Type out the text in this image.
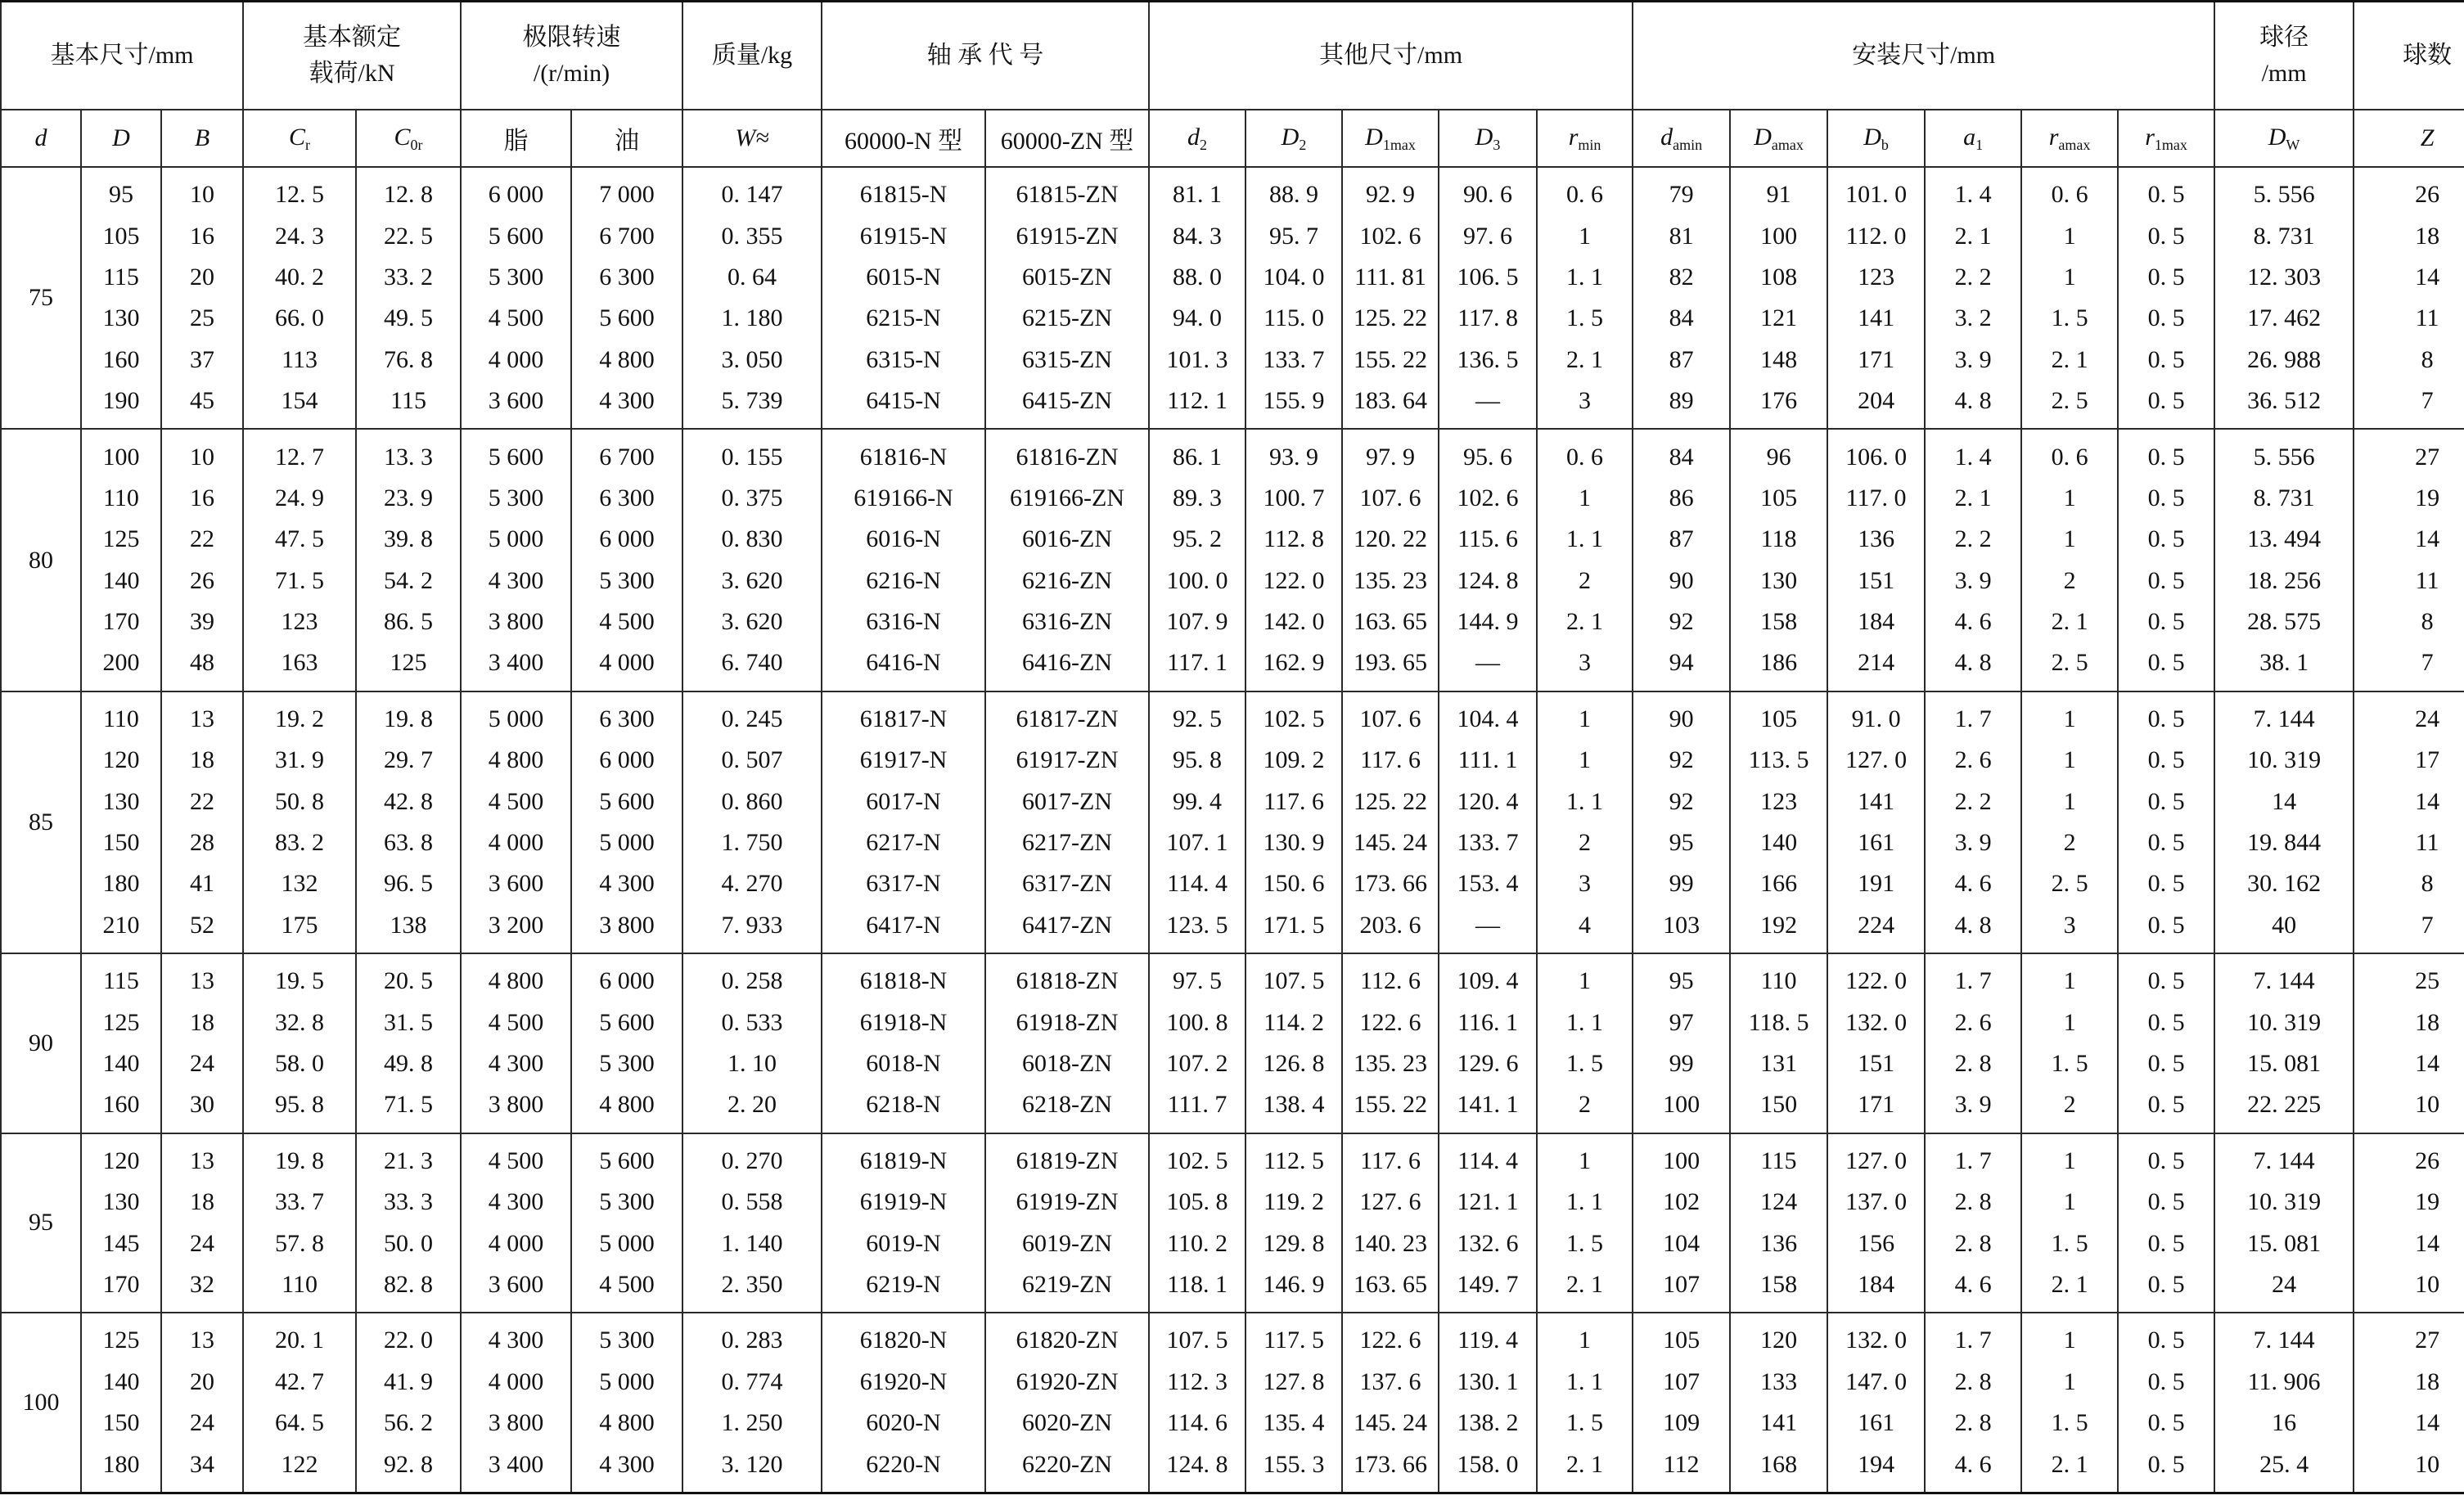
基本尺寸/mm			基本额定
载荷/kN		极限转速
/(r/min)		质量/kg	轴 承 代 号		其他尺寸/mm					安装尺寸/mm						球径
/mm	球数
d	D	B	$C_r$	$C_{0r}$	脂	油	W≈	60000-N 型	60000-ZN 型	$d_2$	$D_2$	$D_{1max}$	$D_3$	$r_{min}$	$d_{amin}$	$D_{amax}$	$D_b$	$a_1$	$r_{amax}$	$r_{1max}$	$D_W$	Z
75	95	10	12. 5	12. 8	6 000	7 000	0. 147	61815-N	61815-ZN	81. 1	88. 9	92. 9	90. 6	0. 6	79	91	101. 0	1. 4	0. 6	0. 5	5. 556	26
	105	16	24. 3	22. 5	5 600	6 700	0. 355	61915-N	61915-ZN	84. 3	95. 7	102. 6	97. 6	1	81	100	112. 0	2. 1	1	0. 5	8. 731	18
	115	20	40. 2	33. 2	5 300	6 300	0. 64	6015-N	6015-ZN	88. 0	104. 0	111. 81	106. 5	1. 1	82	108	123	2. 2	1	0. 5	12. 303	14
	130	25	66. 0	49. 5	4 500	5 600	1. 180	6215-N	6215-ZN	94. 0	115. 0	125. 22	117. 8	1. 5	84	121	141	3. 2	1. 5	0. 5	17. 462	11
	160	37	113	76. 8	4 000	4 800	3. 050	6315-N	6315-ZN	101. 3	133. 7	155. 22	136. 5	2. 1	87	148	171	3. 9	2. 1	0. 5	26. 988	8
	190	45	154	115	3 600	4 300	5. 739	6415-N	6415-ZN	112. 1	155. 9	183. 64	—	3	89	176	204	4. 8	2. 5	0. 5	36. 512	7
80	100	10	12. 7	13. 3	5 600	6 700	0. 155	61816-N	61816-ZN	86. 1	93. 9	97. 9	95. 6	0. 6	84	96	106. 0	1. 4	0. 6	0. 5	5. 556	27
	110	16	24. 9	23. 9	5 300	6 300	0. 375	619166-N	619166-ZN	89. 3	100. 7	107. 6	102. 6	1	86	105	117. 0	2. 1	1	0. 5	8. 731	19
	125	22	47. 5	39. 8	5 000	6 000	0. 830	6016-N	6016-ZN	95. 2	112. 8	120. 22	115. 6	1. 1	87	118	136	2. 2	1	0. 5	13. 494	14
	140	26	71. 5	54. 2	4 300	5 300	3. 620	6216-N	6216-ZN	100. 0	122. 0	135. 23	124. 8	2	90	130	151	3. 9	2	0. 5	18. 256	11
	170	39	123	86. 5	3 800	4 500	3. 620	6316-N	6316-ZN	107. 9	142. 0	163. 65	144. 9	2. 1	92	158	184	4. 6	2. 1	0. 5	28. 575	8
	200	48	163	125	3 400	4 000	6. 740	6416-N	6416-ZN	117. 1	162. 9	193. 65	—	3	94	186	214	4. 8	2. 5	0. 5	38. 1	7
85	110	13	19. 2	19. 8	5 000	6 300	0. 245	61817-N	61817-ZN	92. 5	102. 5	107. 6	104. 4	1	90	105	91. 0	1. 7	1	0. 5	7. 144	24
	120	18	31. 9	29. 7	4 800	6 000	0. 507	61917-N	61917-ZN	95. 8	109. 2	117. 6	111. 1	1	92	113. 5	127. 0	2. 6	1	0. 5	10. 319	17
	130	22	50. 8	42. 8	4 500	5 600	0. 860	6017-N	6017-ZN	99. 4	117. 6	125. 22	120. 4	1. 1	92	123	141	2. 2	1	0. 5	14	14
	150	28	83. 2	63. 8	4 000	5 000	1. 750	6217-N	6217-ZN	107. 1	130. 9	145. 24	133. 7	2	95	140	161	3. 9	2	0. 5	19. 844	11
	180	41	132	96. 5	3 600	4 300	4. 270	6317-N	6317-ZN	114. 4	150. 6	173. 66	153. 4	3	99	166	191	4. 6	2. 5	0. 5	30. 162	8
	210	52	175	138	3 200	3 800	7. 933	6417-N	6417-ZN	123. 5	171. 5	203. 6	—	4	103	192	224	4. 8	3	0. 5	40	7
90	115	13	19. 5	20. 5	4 800	6 000	0. 258	61818-N	61818-ZN	97. 5	107. 5	112. 6	109. 4	1	95	110	122. 0	1. 7	1	0. 5	7. 144	25
	125	18	32. 8	31. 5	4 500	5 600	0. 533	61918-N	61918-ZN	100. 8	114. 2	122. 6	116. 1	1. 1	97	118. 5	132. 0	2. 6	1	0. 5	10. 319	18
	140	24	58. 0	49. 8	4 300	5 300	1. 10	6018-N	6018-ZN	107. 2	126. 8	135. 23	129. 6	1. 5	99	131	151	2. 8	1. 5	0. 5	15. 081	14
	160	30	95. 8	71. 5	3 800	4 800	2. 20	6218-N	6218-ZN	111. 7	138. 4	155. 22	141. 1	2	100	150	171	3. 9	2	0. 5	22. 225	10
95	120	13	19. 8	21. 3	4 500	5 600	0. 270	61819-N	61819-ZN	102. 5	112. 5	117. 6	114. 4	1	100	115	127. 0	1. 7	1	0. 5	7. 144	26
	130	18	33. 7	33. 3	4 300	5 300	0. 558	61919-N	61919-ZN	105. 8	119. 2	127. 6	121. 1	1. 1	102	124	137. 0	2. 8	1	0. 5	10. 319	19
	145	24	57. 8	50. 0	4 000	5 000	1. 140	6019-N	6019-ZN	110. 2	129. 8	140. 23	132. 6	1. 5	104	136	156	2. 8	1. 5	0. 5	15. 081	14
	170	32	110	82. 8	3 600	4 500	2. 350	6219-N	6219-ZN	118. 1	146. 9	163. 65	149. 7	2. 1	107	158	184	4. 6	2. 1	0. 5	24	10
100	125	13	20. 1	22. 0	4 300	5 300	0. 283	61820-N	61820-ZN	107. 5	117. 5	122. 6	119. 4	1	105	120	132. 0	1. 7	1	0. 5	7. 144	27
	140	20	42. 7	41. 9	4 000	5 000	0. 774	61920-N	61920-ZN	112. 3	127. 8	137. 6	130. 1	1. 1	107	133	147. 0	2. 8	1	0. 5	11. 906	18
	150	24	64. 5	56. 2	3 800	4 800	1. 250	6020-N	6020-ZN	114. 6	135. 4	145. 24	138. 2	1. 5	109	141	161	2. 8	1. 5	0. 5	16	14
	180	34	122	92. 8	3 400	4 300	3. 120	6220-N	6220-ZN	124. 8	155. 3	173. 66	158. 0	2. 1	112	168	194	4. 6	2. 1	0. 5	25. 4	10
